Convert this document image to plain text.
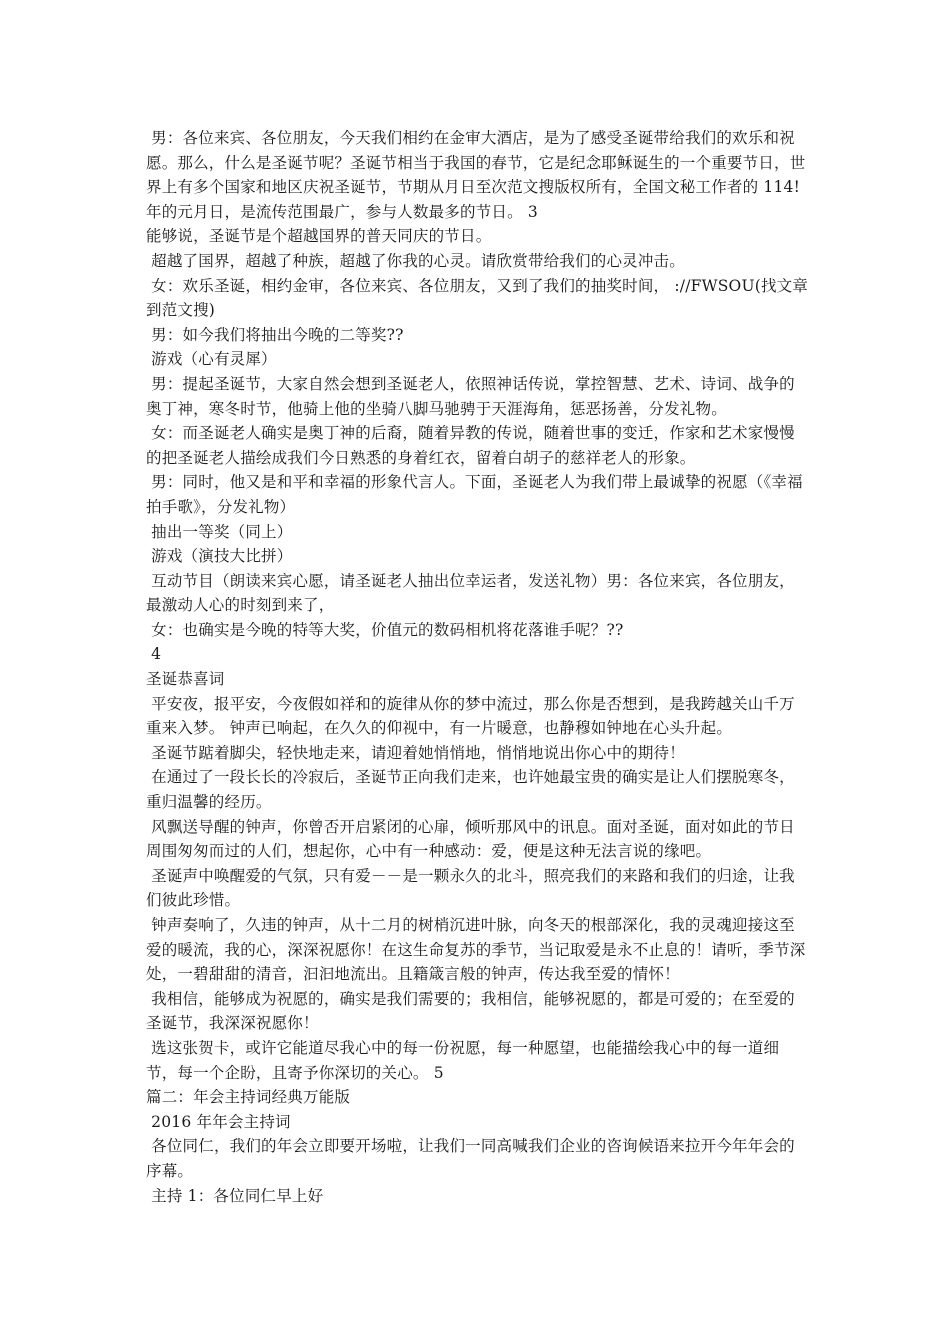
男：各位来宾、各位朋友，今天我们相约在金审大酒店，是为了感受圣诞带给我们的欢乐和祝愿。那么，什么是圣诞节呢？圣诞节相当于我国的春节，它是纪念耶稣诞生的一个重要节日，世界上有多个国家和地区庆祝圣诞节，节期从月日至次范文搜版权所有，全国文秘工作者的 114!年的元月日，是流传范围最广，参与人数最多的节日。 3

能够说，圣诞节是个超越国界的普天同庆的节日。

超越了国界，超越了种族，超越了你我的心灵。请欣赏带给我们的心灵冲击。

女：欢乐圣诞，相约金审，各位来宾、各位朋友，又到了我们的抽奖时间， ://FWSOU(找文章到范文搜)

男：如今我们将抽出今晚的二等奖??

游戏（心有灵犀）

男：提起圣诞节，大家自然会想到圣诞老人，依照神话传说，掌控智慧、艺术、诗词、战争的奥丁神，寒冬时节，他骑上他的坐骑八脚马驰骋于天涯海角，惩恶扬善，分发礼物。

女：而圣诞老人确实是奥丁神的后裔，随着异教的传说，随着世事的变迁，作家和艺术家慢慢的把圣诞老人描绘成我们今日熟悉的身着红衣，留着白胡子的慈祥老人的形象。

男：同时，他又是和平和幸福的形象代言人。下面，圣诞老人为我们带上最诚挚的祝愿（《幸福拍手歌》，分发礼物）

抽出一等奖（同上）

游戏（演技大比拼）

互动节目（朗读来宾心愿，请圣诞老人抽出位幸运者，发送礼物）男：各位来宾，各位朋友，最激动人心的时刻到来了，

女：也确实是今晚的特等大奖，价值元的数码相机将花落谁手呢？??

4

圣诞恭喜词

平安夜，报平安，今夜假如祥和的旋律从你的梦中流过，那么你是否想到，是我跨越关山千万重来入梦。 钟声已响起，在久久的仰视中，有一片暖意，也静穆如钟地在心头升起。

圣诞节踮着脚尖，轻快地走来，请迎着她悄悄地，悄悄地说出你心中的期待！

在通过了一段长长的冷寂后，圣诞节正向我们走来，也许她最宝贵的确实是让人们摆脱寒冬，重归温馨的经历。

风飘送导醒的钟声，你曾否开启紧闭的心扉，倾听那风中的讯息。面对圣诞，面对如此的节日周围匆匆而过的人们，想起你，心中有一种感动：爱，便是这种无法言说的缘吧。

圣诞声中唤醒爱的气氛，只有爱－－是一颗永久的北斗，照亮我们的来路和我们的归途，让我们彼此珍惜。

钟声奏响了，久违的钟声，从十二月的树梢沉进叶脉，向冬天的根部深化，我的灵魂迎接这至爱的暖流，我的心，深深祝愿你！在这生命复苏的季节，当记取爱是永不止息的！请听，季节深处，一碧甜甜的清音，汩汩地流出。且籍箴言般的钟声，传达我至爱的情怀！

我相信，能够成为祝愿的，确实是我们需要的；我相信，能够祝愿的，都是可爱的；在至爱的圣诞节，我深深祝愿你！

选这张贺卡，或许它能道尽我心中的每一份祝愿，每一种愿望，也能描绘我心中的每一道细节，每一个企盼，且寄予你深切的关心。 5

篇二：年会主持词经典万能版

2016 年年会主持词

各位同仁，我们的年会立即要开场啦，让我们一同高喊我们企业的咨询候语来拉开今年年会的序幕。

主持 1：各位同仁早上好
